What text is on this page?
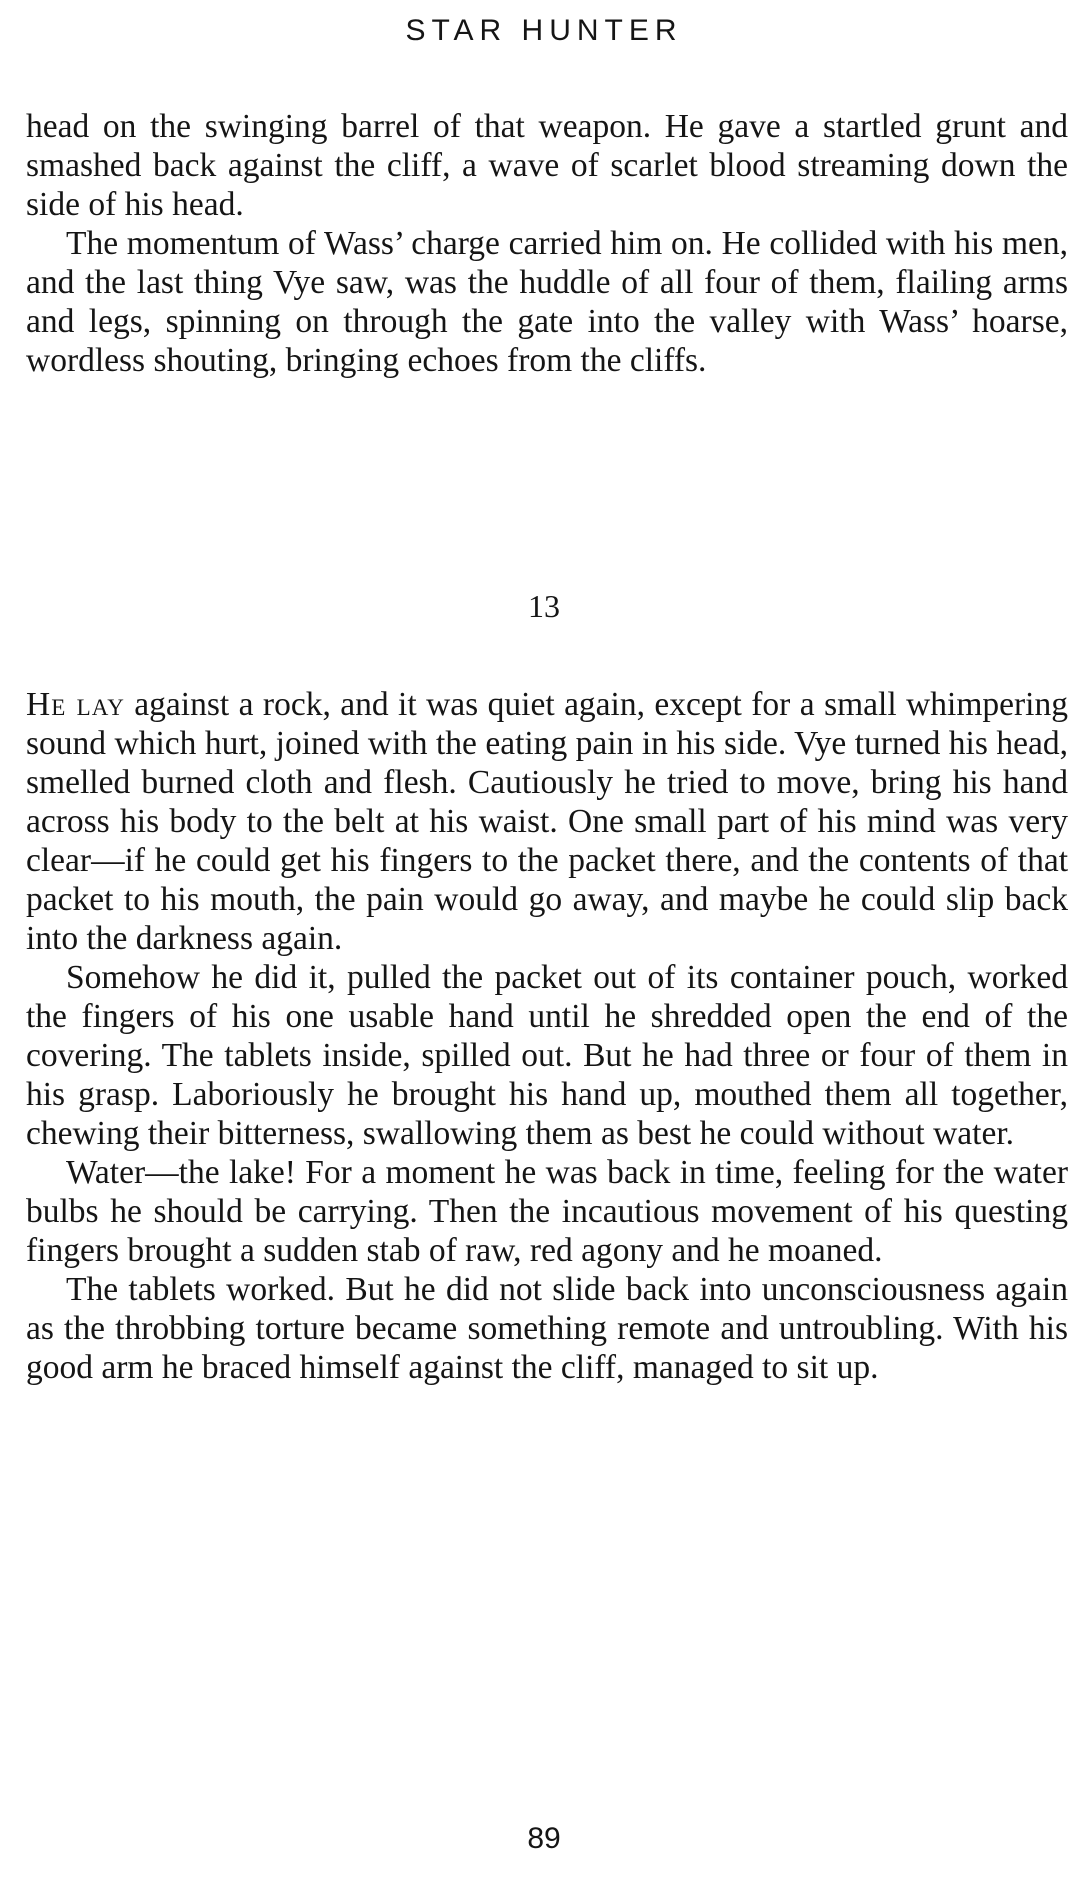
STAR HUNTER

head on the swinging barrel of that weapon. He gave a startled grunt and smashed back against the cliff, a wave of scarlet blood streaming down the side of his head.

The momentum of Wass’ charge carried him on. He collided with his men, and the last thing Vye saw, was the huddle of all four of them, flailing arms and legs, spinning on through the gate into the valley with Wass’ hoarse, wordless shouting, bringing echoes from the cliffs.

13

He lay against a rock, and it was quiet again, except for a small whimpering sound which hurt, joined with the eating pain in his side. Vye turned his head, smelled burned cloth and flesh. Cautiously he tried to move, bring his hand across his body to the belt at his waist. One small part of his mind was very clear—if he could get his fingers to the packet there, and the contents of that packet to his mouth, the pain would go away, and maybe he could slip back into the darkness again.

Somehow he did it, pulled the packet out of its container pouch, worked the fingers of his one usable hand until he shredded open the end of the covering. The tablets inside, spilled out. But he had three or four of them in his grasp. Laboriously he brought his hand up, mouthed them all together, chewing their bitterness, swallowing them as best he could without water.

Water—the lake! For a moment he was back in time, feeling for the water bulbs he should be carrying. Then the incautious movement of his questing fingers brought a sudden stab of raw, red agony and he moaned.

The tablets worked. But he did not slide back into unconsciousness again as the throbbing torture became something remote and untroubling. With his good arm he braced himself against the cliff, managed to sit up.

89
